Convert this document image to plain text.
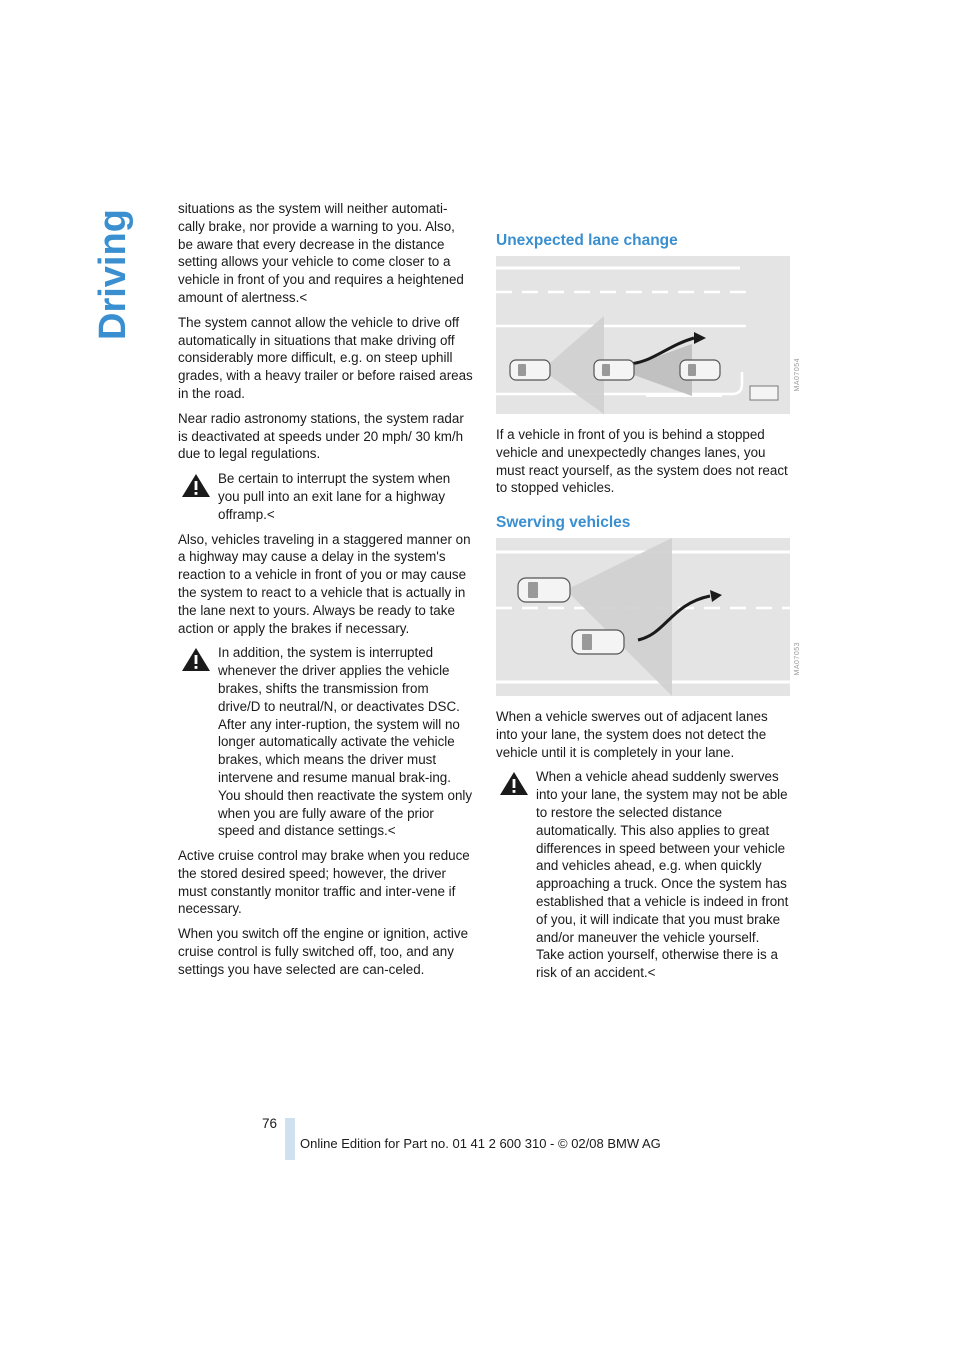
Driving

situations as the system will neither automati-cally brake, nor provide a warning to you. Also, be aware that every decrease in the distance setting allows your vehicle to come closer to a vehicle in front of you and requires a heightened amount of alertness.<

The system cannot allow the vehicle to drive off automatically in situations that make driving off considerably more difficult, e.g. on steep uphill grades, with a heavy trailer or before raised areas in the road.

Near radio astronomy stations, the system radar is deactivated at speeds under 20 mph/ 30 km/h due to legal regulations.

Be certain to interrupt the system when you pull into an exit lane for a highway offramp.<

Also, vehicles traveling in a staggered manner on a highway may cause a delay in the system's reaction to a vehicle in front of you or may cause the system to react to a vehicle that is actually in the lane next to yours. Always be ready to take action or apply the brakes if necessary.

In addition, the system is interrupted whenever the driver applies the vehicle brakes, shifts the transmission from drive/D to neutral/N, or deactivates DSC. After any inter-ruption, the system will no longer automatically activate the vehicle brakes, which means the driver must intervene and resume manual brak-ing. You should then reactivate the system only when you are fully aware of the prior speed and distance settings.<

Active cruise control may brake when you reduce the stored desired speed; however, the driver must constantly monitor traffic and inter-vene if necessary.

When you switch off the engine or ignition, active cruise control is fully switched off, too, and any settings you have selected are can-celed.

Unexpected lane change
MA07054

If a vehicle in front of you is behind a stopped vehicle and unexpectedly changes lanes, you must react yourself, as the system does not react to stopped vehicles.

Swerving vehicles
MA07053

When a vehicle swerves out of adjacent lanes into your lane, the system does not detect the vehicle until it is completely in your lane.

When a vehicle ahead suddenly swerves into your lane, the system may not be able to restore the selected distance automatically. This also applies to great differences in speed between your vehicle and vehicles ahead, e.g. when quickly approaching a truck. Once the system has established that a vehicle is indeed in front of you, it will indicate that you must brake and/or maneuver the vehicle yourself. Take action yourself, otherwise there is a risk of an accident.<

76
Online Edition for Part no. 01 41 2 600 310 - © 02/08 BMW AG
